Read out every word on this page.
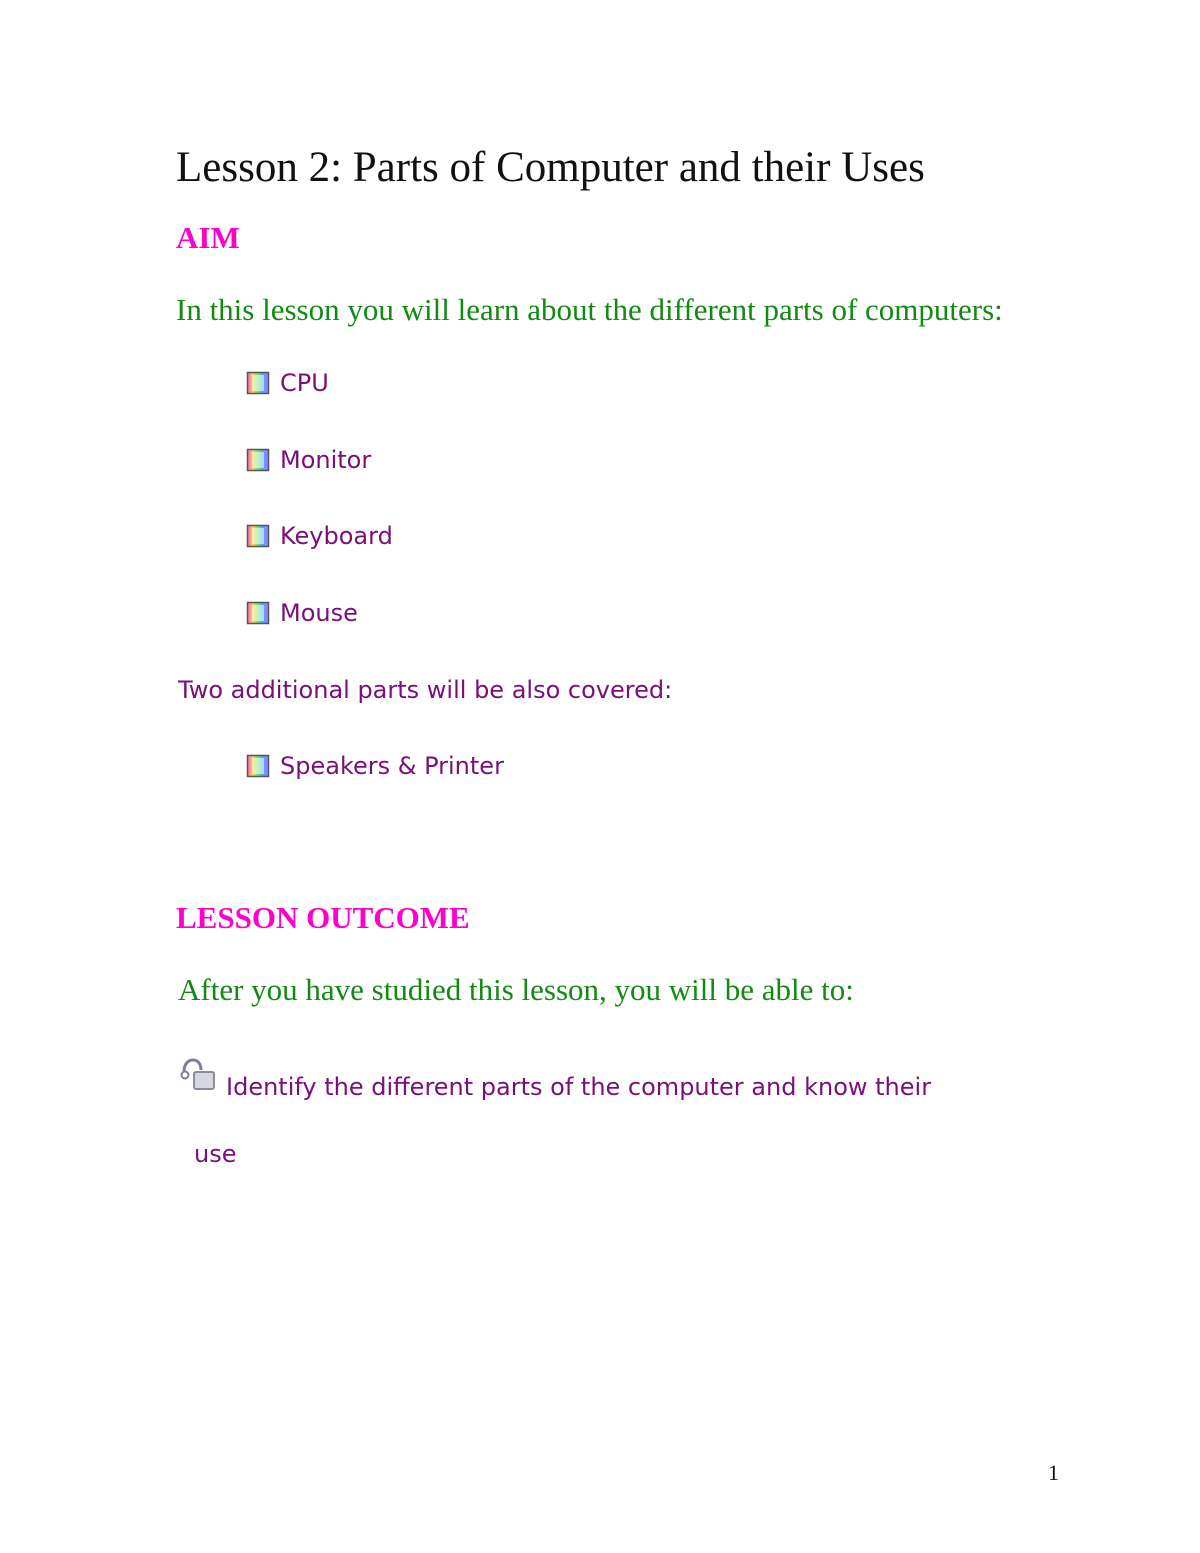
Lesson 2: Parts of Computer and their Uses
AIM
In this lesson you will learn about the different parts of computers:
CPU
Monitor
Keyboard
Mouse
Two additional parts will be also covered:
Speakers & Printer
LESSON OUTCOME
After you have studied this lesson, you will be able to:
Identify the different parts of the computer and know their
use
1
